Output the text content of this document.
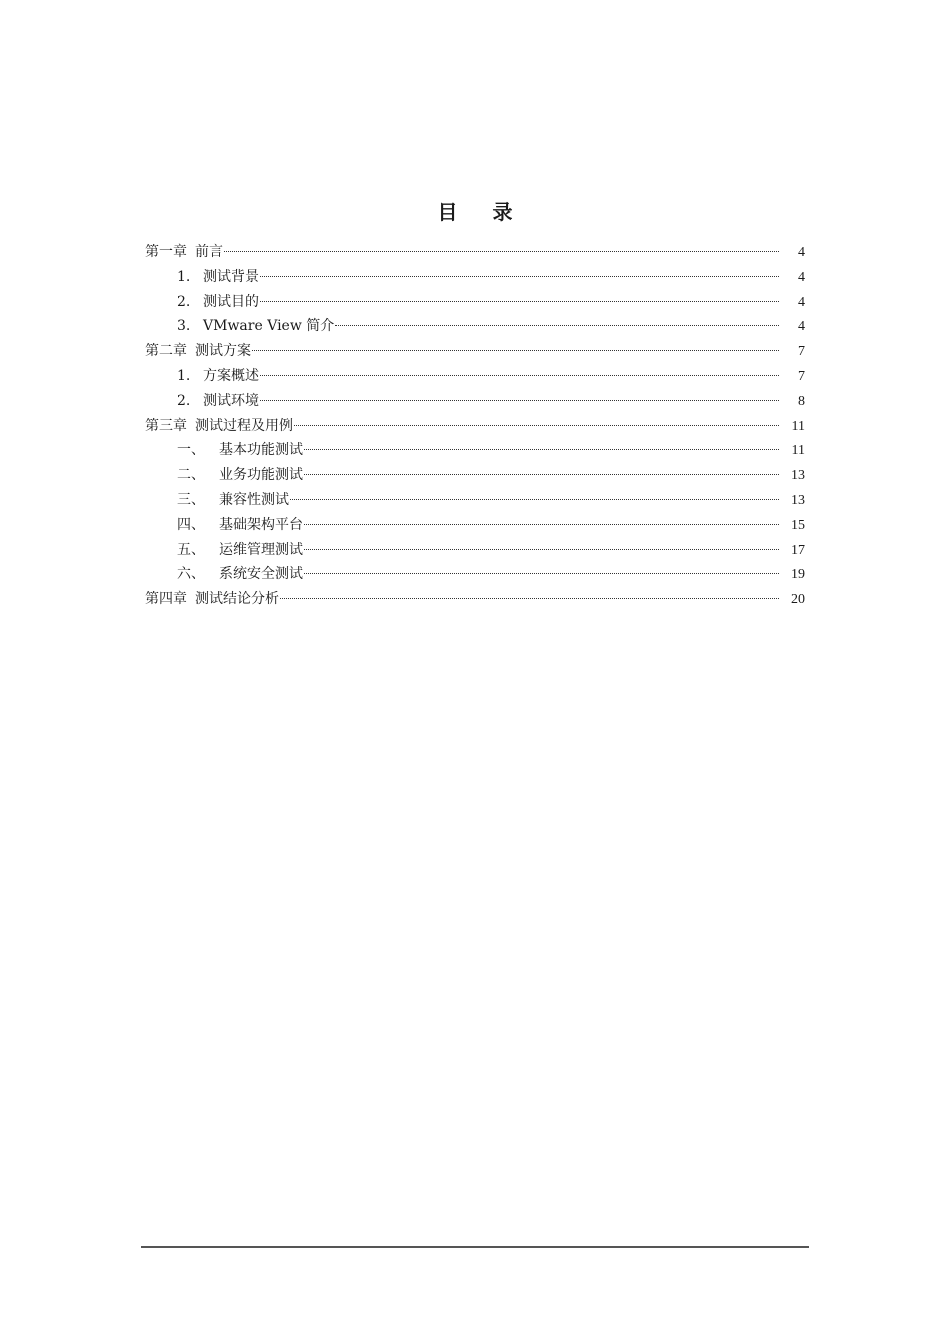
目 录
第一章 前言	4
1. 测试背景	4
2. 测试目的	4
3. VMware View 简介	4
第二章 测试方案	7
1. 方案概述	7
2. 测试环境	8
第三章 测试过程及用例	11
一、	基本功能测试	11
二、	业务功能测试	13
三、	兼容性测试	13
四、	基础架构平台	15
五、	运维管理测试	17
六、	系统安全测试	19
第四章 测试结论分析	20
